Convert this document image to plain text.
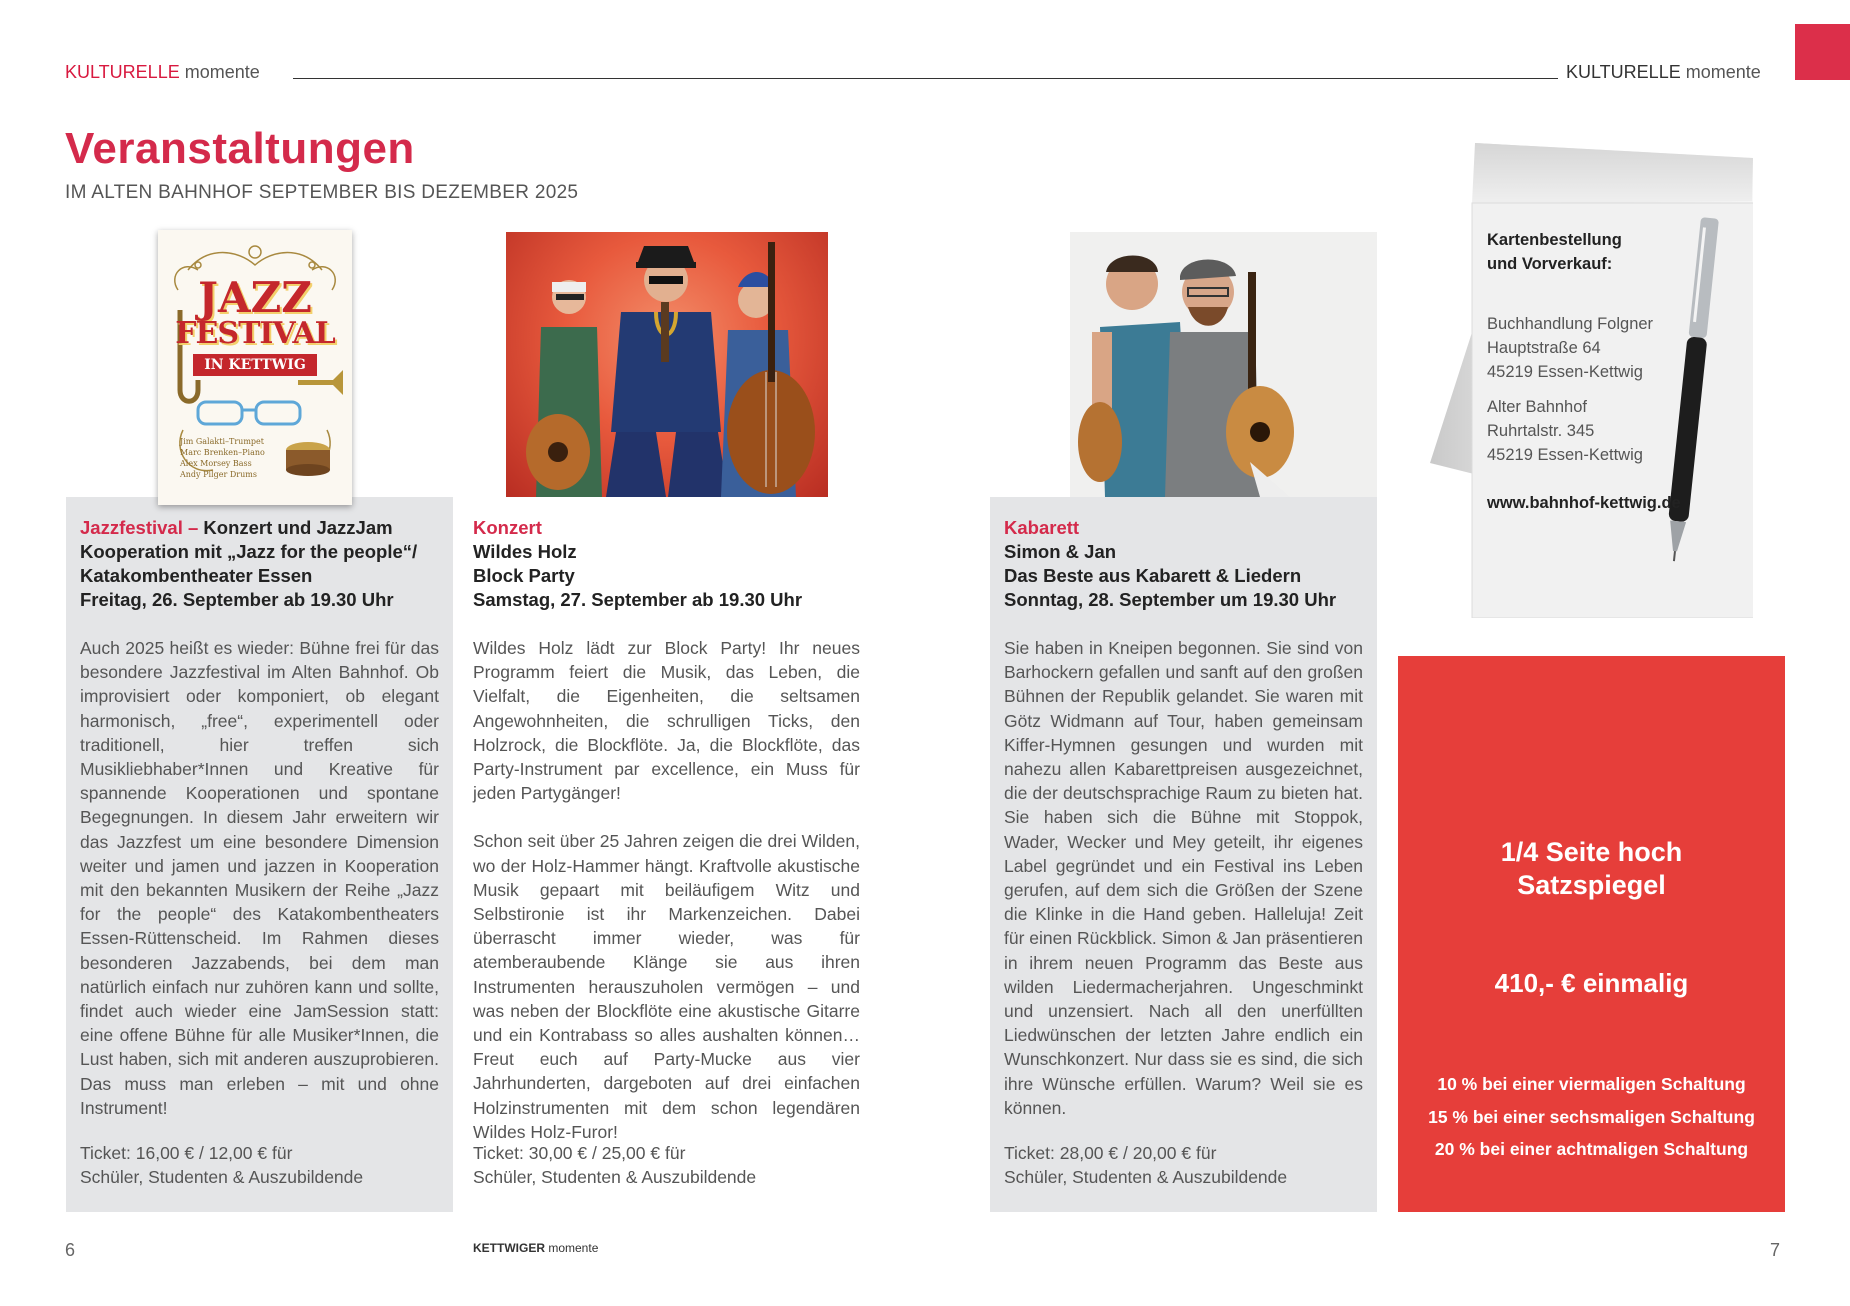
KULTURELLE momente	KULTURELLE momente
Veranstaltungen
IM ALTEN BAHNHOF SEPTEMBER BIS DEZEMBER 2025
JAZZ
FESTIVAL
IN KETTWIG
Jim Galakti–Trumpet
Marc Brenken–Piano
Alex Morsey Bass
Andy Pilger Drums
Jazzfestival – Konzert und JazzJam
Kooperation mit „Jazz for the people“/
Katakombentheater Essen
Freitag, 26. September ab 19.30 Uhr

Auch 2025 heißt es wieder: Bühne frei für das besondere Jazzfestival im Alten Bahnhof. Ob improvisiert oder komponiert, ob elegant harmonisch, „free“, experimentell oder traditionell, hier treffen sich Musikliebhaber*Innen und Kreative für spannende Kooperationen und spontane Begegnungen. In diesem Jahr erweitern wir das Jazzfest um eine besondere Dimension weiter und jamen und jazzen in Kooperation mit den bekannten Musikern der Reihe „Jazz for the people“ des Katakombentheaters Essen-Rüttenscheid. Im Rahmen dieses besonderen Jazzabends, bei dem man natürlich einfach nur zuhören kann und sollte, findet auch wieder eine JamSession statt: eine offene Bühne für alle Musiker*Innen, die Lust haben, sich mit anderen auszuprobieren. Das muss man erleben – mit und ohne Instrument!

Ticket: 16,00 € / 12,00 € für
Schüler, Studenten & Auszubildende
Konzert
Wildes Holz
Block Party
Samstag, 27. September ab 19.30 Uhr

Wildes Holz lädt zur Block Party! Ihr neues Programm feiert die Musik, das Leben, die Vielfalt, die Eigenheiten, die seltsamen Angewohnheiten, die schrulligen Ticks, den Holzrock, die Blockflöte. Ja, die Blockflöte, das Party-Instrument par excellence, ein Muss für jeden Partygänger!

Schon seit über 25 Jahren zeigen die drei Wilden, wo der Holz-Hammer hängt. Kraftvolle akustische Musik gepaart mit beiläufigem Witz und Selbstironie ist ihr Markenzeichen. Dabei überrascht immer wieder, was für atemberaubende Klänge sie aus ihren Instrumenten herauszuholen vermögen – und was neben der Blockflöte eine akustische Gitarre und ein Kontrabass so alles aushalten können… Freut euch auf Party-Mucke aus vier Jahrhunderten, dargeboten auf drei einfachen Holzinstrumenten mit dem schon legendären Wildes Holz-Furor!

Ticket: 30,00 € / 25,00 € für
Schüler, Studenten & Auszubildende
Kabarett
Simon & Jan
Das Beste aus Kabarett & Liedern
Sonntag, 28. September um 19.30 Uhr

Sie haben in Kneipen begonnen. Sie sind von Barhockern gefallen und sanft auf den großen Bühnen der Republik gelandet. Sie waren mit Götz Widmann auf Tour, haben gemeinsam Kiffer-Hymnen gesungen und wurden mit nahezu allen Kabarettpreisen ausgezeichnet, die der deutschsprachige Raum zu bieten hat. Sie haben sich die Bühne mit Stoppok, Wader, Wecker und Mey geteilt, ihr eigenes Label gegründet und ein Festival ins Leben gerufen, auf dem sich die Größen der Szene die Klinke in die Hand geben. Halleluja! Zeit für einen Rückblick. Simon & Jan präsentieren in ihrem neuen Programm das Beste aus wilden Liedermacherjahren. Ungeschminkt und unzensiert. Nach all den unerfüllten Liedwünschen der letzten Jahre endlich ein Wunschkonzert. Nur dass sie es sind, die sich ihre Wünsche erfüllen. Warum? Weil sie es können.

Ticket: 28,00 € / 20,00 € für
Schüler, Studenten & Auszubildende
Kartenbestellung
und Vorverkauf:
Buchhandlung Folgner
Hauptstraße 64
45219 Essen-Kettwig
Alter Bahnhof
Ruhrtalstr. 345
45219 Essen-Kettwig
www.bahnhof-kettwig.de
1/4 Seite hoch
Satzspiegel
410,- € einmalig
10 % bei einer viermaligen Schaltung
15 % bei einer sechsmaligen Schaltung
20 % bei einer achtmaligen Schaltung
6	KETTWIGER momente	7
